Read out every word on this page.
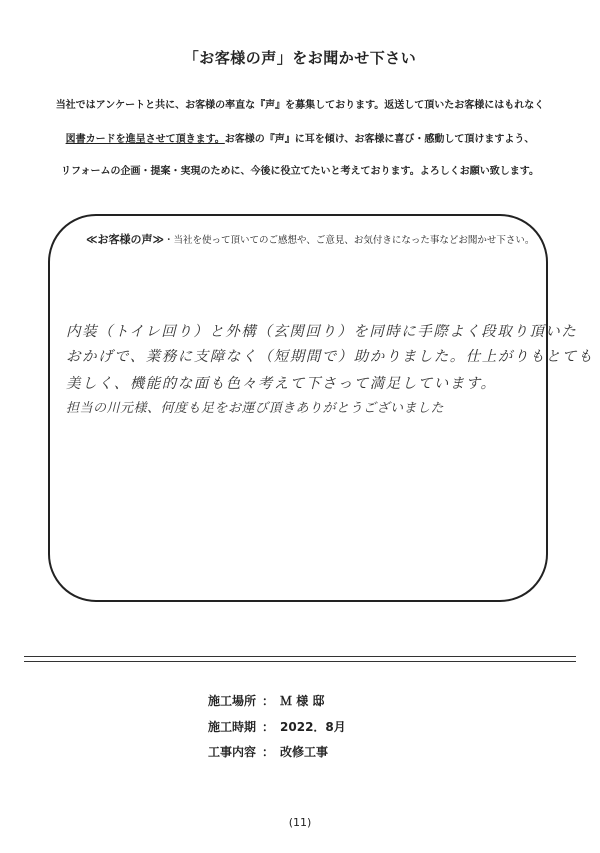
「お客様の声」をお聞かせ下さい
当社ではアンケートと共に、お客様の率直な『声』を募集しております。返送して頂いたお客様にはもれなく
図書カードを進呈させて頂きます。お客様の『声』に耳を傾け、お客様に喜び・感動して頂けますよう、
リフォームの企画・提案・実現のために、今後に役立てたいと考えております。よろしくお願い致します。
≪お客様の声≫・当社を使って頂いてのご感想や、ご意見、お気付きになった事などお聞かせ下さい。
内装（トイレ回り）と外構（玄関回り）を同時に手際よく段取り頂いた
おかげで、業務に支障なく（短期間で）助かりました。仕上がりもとても
美しく、機能的な面も色々考えて下さって満足しています。
担当の川元様、何度も足をお運び頂きありがとうございました
施工場所 ： Ｍ 様 邸
施工時期 ： 2022．8月
工事内容 ： 改修工事
(11)
